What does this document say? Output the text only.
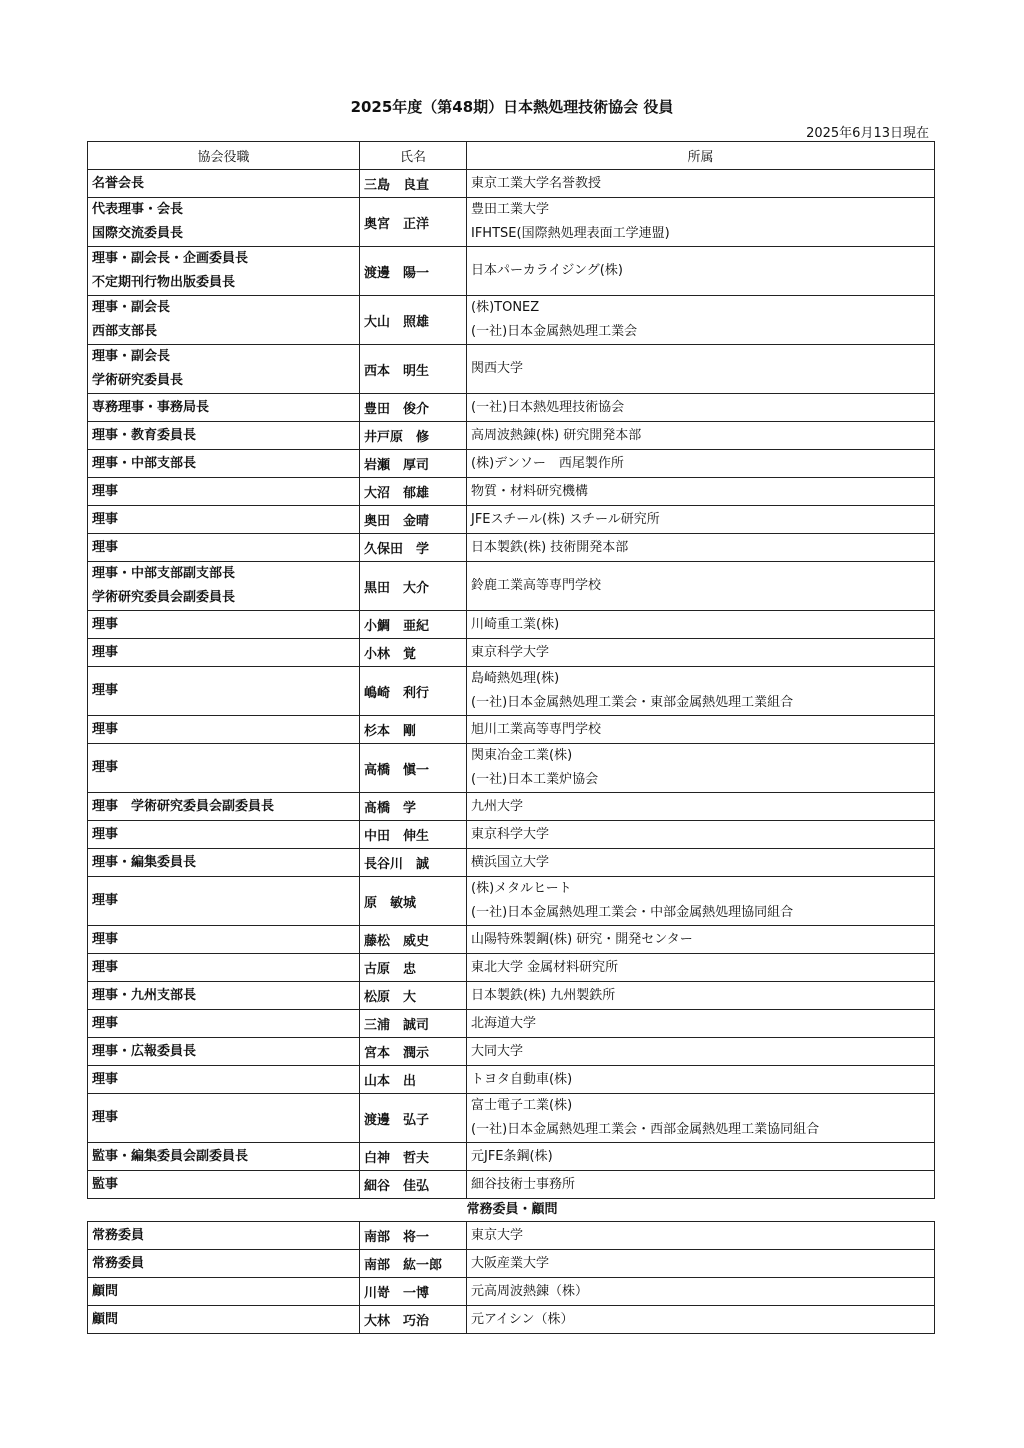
2025年度（第48期）日本熱処理技術協会 役員
2025年6月13日現在
協会役職	氏名	所属

名誉会長	三島　良直	東京工業大学名誉教授

代表理事・会長
国際交流委員長	奥宮　正洋	豊田工業大学
IFHTSE(国際熱処理表面工学連盟)

理事・副会長・企画委員長
不定期刊行物出版委員長	渡邊　陽一	日本パーカライジング(株)

理事・副会長
西部支部長	大山　照雄	(株)TONEZ
(一社)日本金属熱処理工業会

理事・副会長
学術研究委員長	西本　明生	関西大学

専務理事・事務局長	豊田　俊介	(一社)日本熱処理技術協会

理事・教育委員長	井戸原　修	高周波熱錬(株) 研究開発本部

理事・中部支部長	岩瀬　厚司	(株)デンソー　西尾製作所

理事	大沼　郁雄	物質・材料研究機構

理事	奥田　金晴	JFEスチール(株) スチール研究所

理事	久保田　学	日本製鉄(株) 技術開発本部

理事・中部支部副支部長
学術研究委員会副委員長	黒田　大介	鈴鹿工業高等専門学校

理事	小鯛　亜紀	川崎重工業(株)

理事	小林　覚	東京科学大学

理事	嶋崎　利行	島崎熱処理(株)
(一社)日本金属熱処理工業会・東部金属熱処理工業組合

理事	杉本　剛	旭川工業高等専門学校

理事	高橋　愼一	関東冶金工業(株)
(一社)日本工業炉協会

理事　学術研究委員会副委員長	髙橋　学	九州大学

理事	中田　伸生	東京科学大学

理事・編集委員長	長谷川　誠	横浜国立大学

理事	原　敏城	(株)メタルヒート
(一社)日本金属熱処理工業会・中部金属熱処理協同組合

理事	藤松　威史	山陽特殊製鋼(株) 研究・開発センター

理事	古原　忠	東北大学 金属材料研究所

理事・九州支部長	松原　大	日本製鉄(株) 九州製鉄所

理事	三浦　誠司	北海道大学

理事・広報委員長	宮本　潤示	大同大学

理事	山本　出	トヨタ自動車(株)

理事	渡邊　弘子	富士電子工業(株)
(一社)日本金属熱処理工業会・西部金属熱処理工業協同組合

監事・編集委員会副委員長	白神　哲夫	元JFE条鋼(株)

監事	細谷　佳弘	細谷技術士事務所
常務委員・顧問
常務委員	南部　将一	東京大学

常務委員	南部　紘一郎	大阪産業大学

顧問	川嵜　一博	元高周波熱錬（株）

顧問	大林　巧治	元アイシン（株）
